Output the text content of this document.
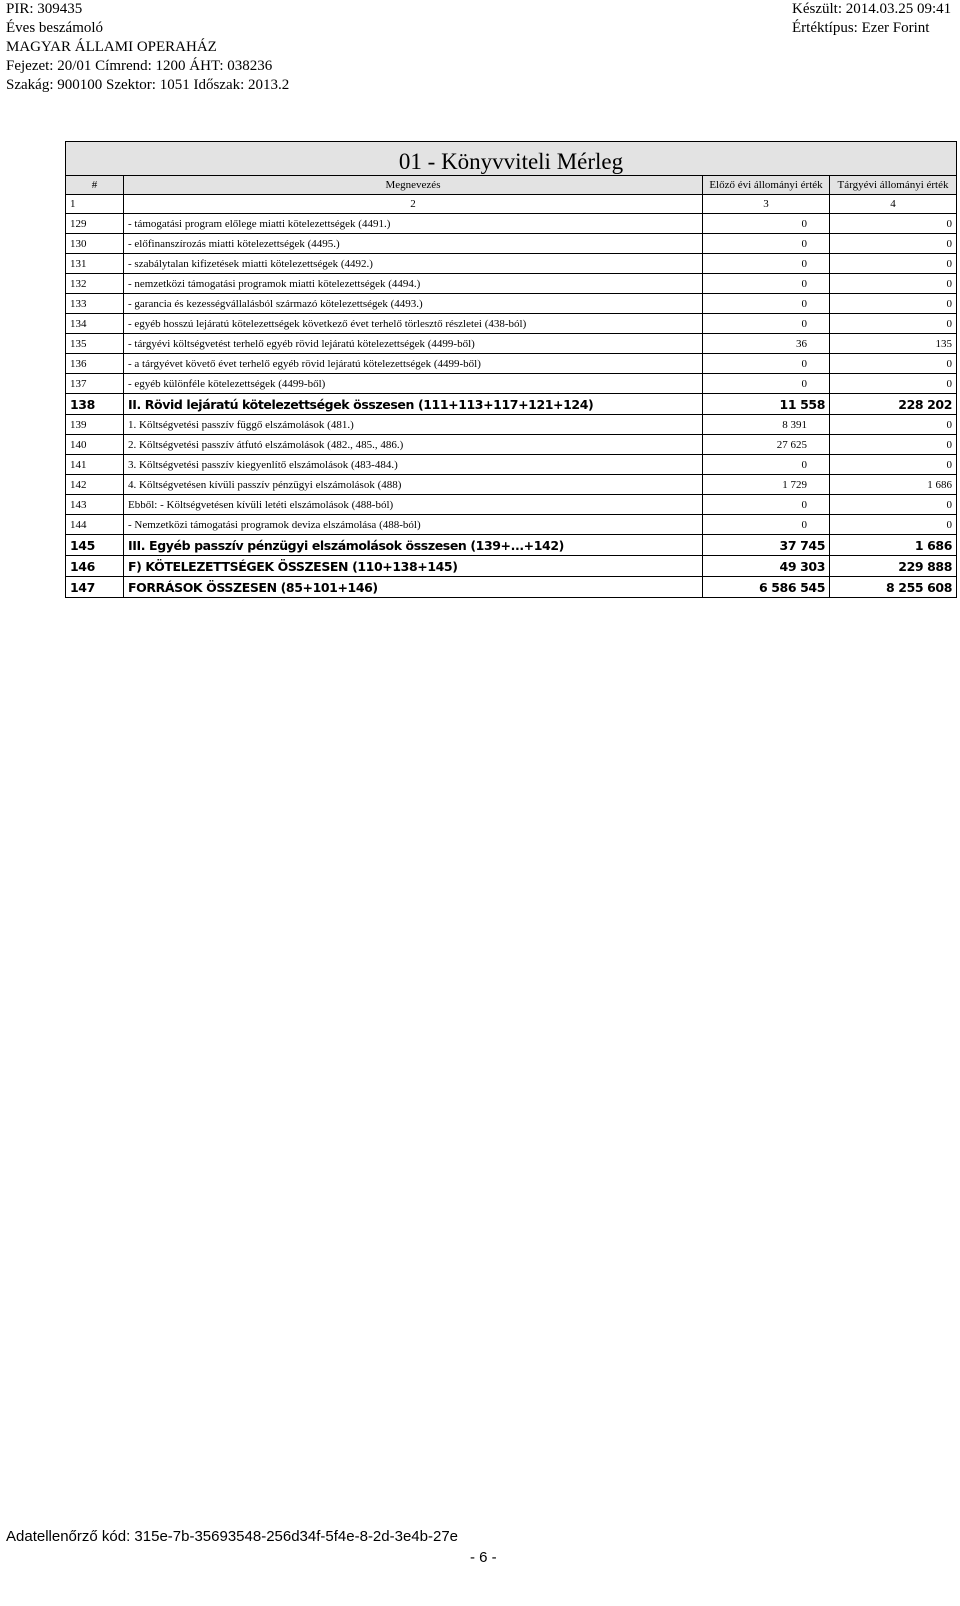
PIR: 309435
Éves beszámoló
MAGYAR ÁLLAMI OPERAHÁZ
Fejezet: 20/01 Címrend: 1200 ÁHT: 038236
Szakág: 900100 Szektor: 1051 Időszak: 2013.2
Készült: 2014.03.25 09:41
Értéktípus: Ezer Forint
01 - Könyvviteli Mérleg			
#	Megnevezés	Előző évi állományi érték	Tárgyévi állományi érték
1	2	3	4
129	- támogatási program előlege miatti kötelezettségek (4491.)	0	0
130	- előfinanszírozás miatti kötelezettségek (4495.)	0	0
131	- szabálytalan kifizetések miatti kötelezettségek (4492.)	0	0
132	- nemzetközi támogatási programok miatti kötelezettségek (4494.)	0	0
133	- garancia és kezességvállalásból származó kötelezettségek (4493.)	0	0
134	- egyéb hosszú lejáratú kötelezettségek következő évet terhelő törlesztő részletei (438-ból)	0	0
135	- tárgyévi költségvetést terhelő egyéb rövid lejáratú kötelezettségek (4499-ből)	36	135
136	- a tárgyévet követő évet terhelő egyéb rövid lejáratú kötelezettségek (4499-ből)	0	0
137	- egyéb különféle kötelezettségek (4499-ből)	0	0
138	II. Rövid lejáratú kötelezettségek összesen (111+113+117+121+124)	11 558	228 202
139	1. Költségvetési passzív függő elszámolások (481.)	8 391	0
140	2. Költségvetési passzív átfutó elszámolások (482., 485., 486.)	27 625	0
141	3. Költségvetési passzív kiegyenlítő elszámolások (483-484.)	0	0
142	4. Költségvetésen kívüli passzív pénzügyi elszámolások (488)	1 729	1 686
143	Ebből: - Költségvetésen kívüli letéti elszámolások (488-ból)	0	0
144	- Nemzetközi támogatási programok deviza elszámolása (488-ból)	0	0
145	III. Egyéb passzív pénzügyi elszámolások összesen (139+...+142)	37 745	1 686
146	F) KÖTELEZETTSÉGEK ÖSSZESEN (110+138+145)	49 303	229 888
147	FORRÁSOK ÖSSZESEN (85+101+146)	6 586 545	8 255 608
Adatellenőrző kód: 315e-7b-35693548-256d34f-5f4e-8-2d-3e4b-27e
- 6 -
